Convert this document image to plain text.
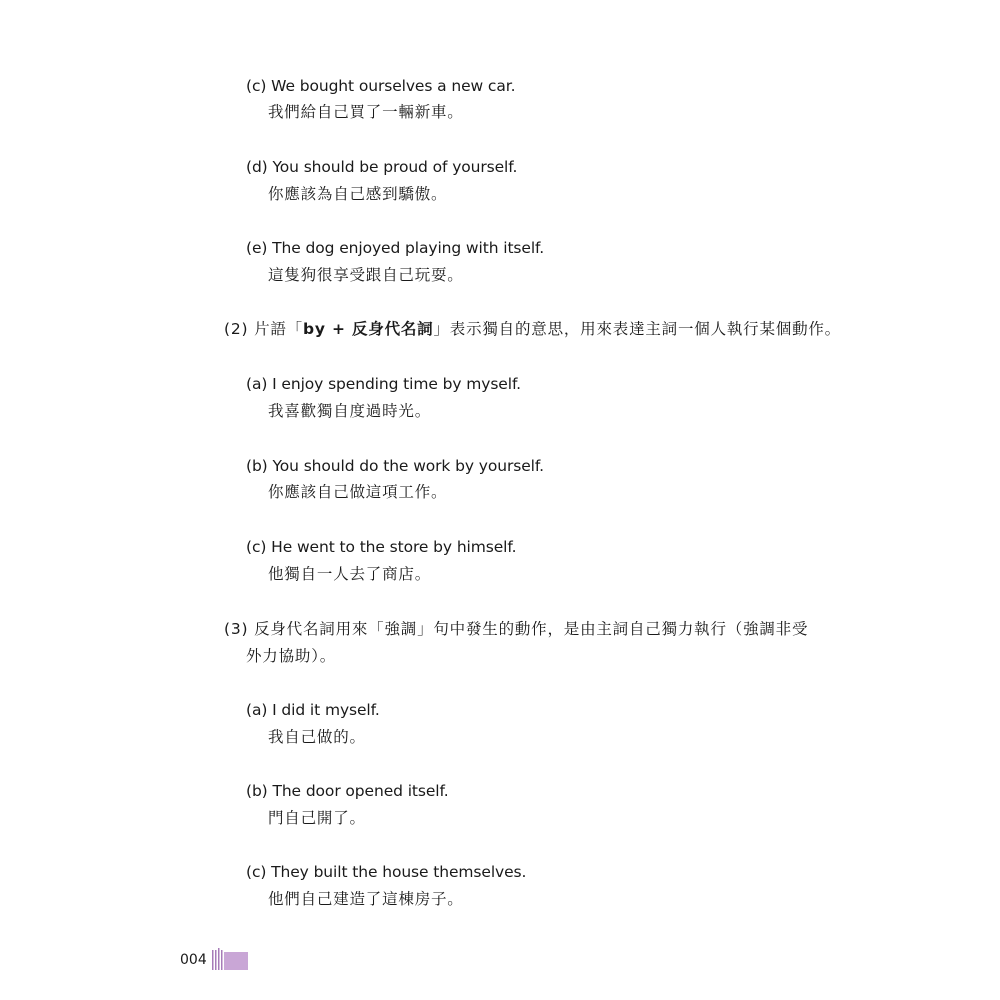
(c) We bought ourselves a new car.
我們給自己買了一輛新車。
(d) You should be proud of yourself.
你應該為自己感到驕傲。
(e) The dog enjoyed playing with itself.
這隻狗很享受跟自己玩耍。
(2) 片語「by + 反身代名詞」表示獨自的意思，用來表達主詞一個人執行某個動作。
(a) I enjoy spending time by myself.
我喜歡獨自度過時光。
(b) You should do the work by yourself.
你應該自己做這項工作。
(c) He went to the store by himself.
他獨自一人去了商店。
(3) 反身代名詞用來「強調」句中發生的動作，是由主詞自己獨力執行（強調非受
外力協助）。
(a) I did it myself.
我自己做的。
(b) The door opened itself.
門自己開了。
(c) They built the house themselves.
他們自己建造了這棟房子。
004
